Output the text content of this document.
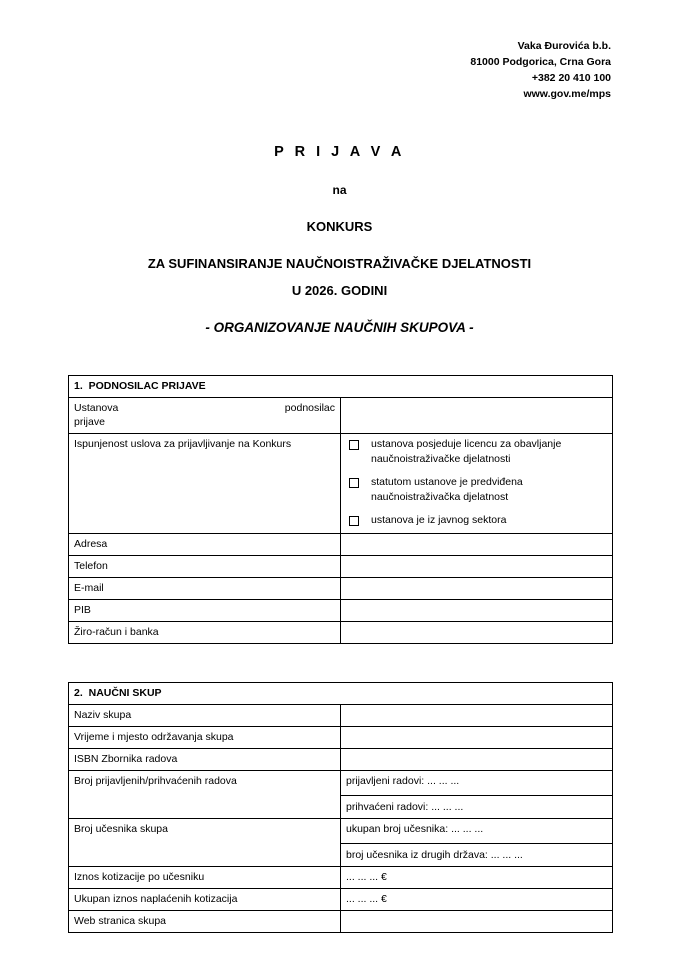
Vaka Đurovića b.b.
81000 Podgorica, Crna Gora
+382 20 410 100
www.gov.me/mps
P R I J A V A
na
KONKURS
ZA SUFINANSIRANJE NAUČNOISTRAŽIVAČKE DJELATNOSTI
U 2026. GODINI
- ORGANIZOVANJE NAUČNIH SKUPOVA -
1. PODNOSILAC PRIJAVE	

Ustanova podnosilac
prijave	

Ispunjenost uslova za prijavljivanje na Konkurs	ustanova posjeduje licencu za obavljanje naučnoistraživačke djelatnosti
statutom ustanove je predviđena naučnoistraživačka djelatnost
ustanova je iz javnog sektora

Adresa	
Telefon	
E-mail	
PIB	
Žiro-račun i banka	
2. NAUČNI SKUP	
Naziv skupa	
Vrijeme i mjesto održavanja skupa	
ISBN Zbornika radova	
Broj prijavljenih/prihvaćenih radova	prijavljeni radovi: ... ... ...
prihvaćeni radovi: ... ... ...

Broj učesnika skupa	ukupan broj učesnika: ... ... ...
broj učesnika iz drugih država: ... ... ...

Iznos kotizacije po učesniku	... ... ... €
Ukupan iznos naplaćenih kotizacija	... ... ... €
Web stranica skupa	
